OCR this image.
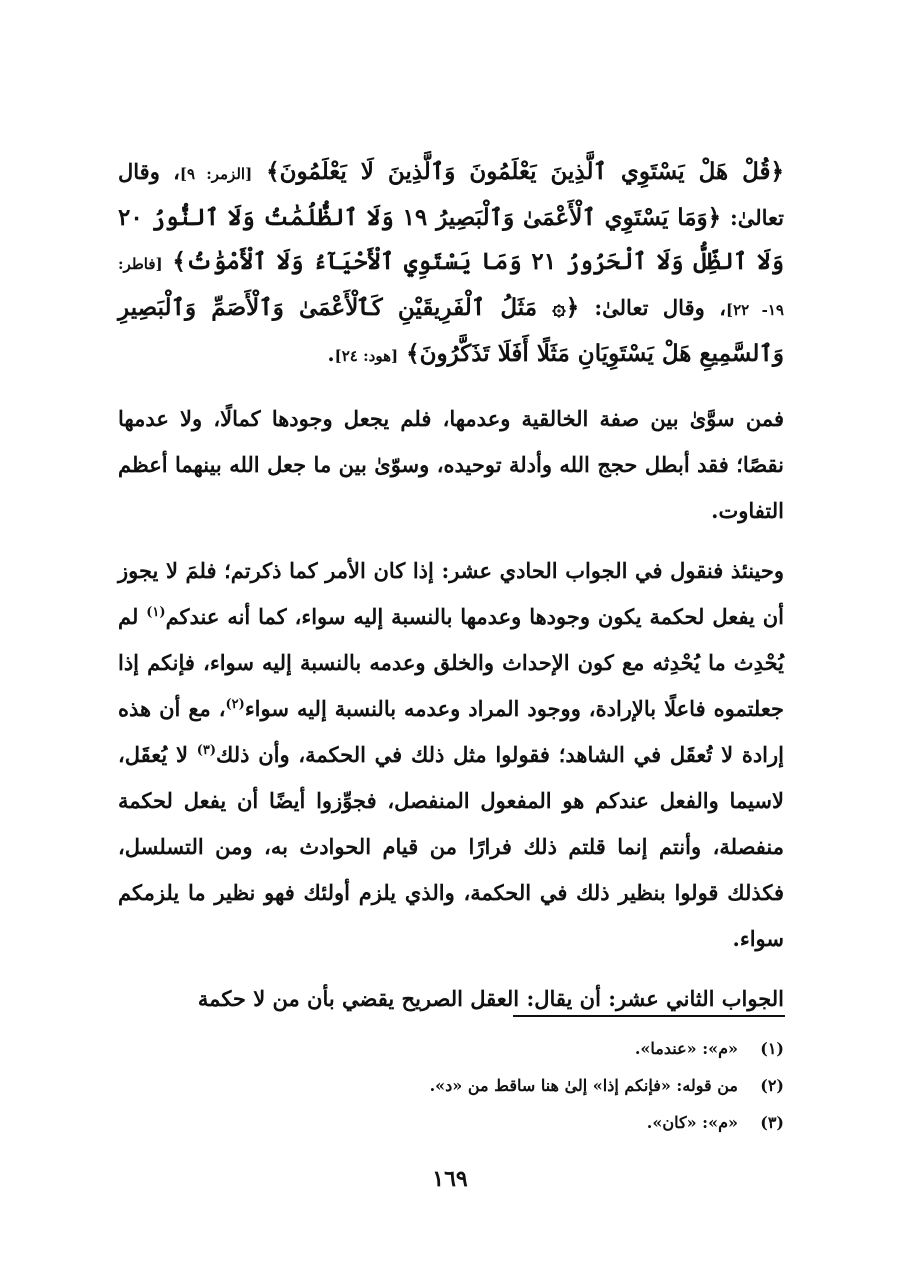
﴿قُلْ هَلْ يَسْتَوِي ٱلَّذِينَ يَعْلَمُونَ وَٱلَّذِينَ لَا يَعْلَمُونَ﴾ [الزمر: ٩]، وقال تعالىٰ: ﴿وَمَا يَسْتَوِي ٱلْأَعْمَىٰ وَٱلْبَصِيرُ ١٩ وَلَا ٱلظُّلُمَٰتُ وَلَا ٱلنُّورُ ٢٠ وَلَا ٱلظِّلُّ وَلَا ٱلْحَرُورُ ٢١ وَمَا يَسْتَوِي ٱلْأَحْيَآءُ وَلَا ٱلْأَمْوَٰتُ﴾ [فاطر: ١٩- ٢٢]، وقال تعالىٰ: ﴿۞ مَثَلُ ٱلْفَرِيقَيْنِ كَٱلْأَعْمَىٰ وَٱلْأَصَمِّ وَٱلْبَصِيرِ وَٱلسَّمِيعِ هَلْ يَسْتَوِيَانِ مَثَلًا أَفَلَا تَذَكَّرُونَ﴾ [هود: ٢٤].

فمن سوَّىٰ بين صفة الخالقية وعدمها، فلم يجعل وجودها كمالًا، ولا عدمها نقصًا؛ فقد أبطل حجج الله وأدلة توحيده، وسوّىٰ بين ما جعل الله بينهما أعظم التفاوت.

وحينئذ فنقول في الجواب الحادي عشر: إذا كان الأمر كما ذكرتم؛ فلمَ لا يجوز أن يفعل لحكمة يكون وجودها وعدمها بالنسبة إليه سواء، كما أنه عندكم$^{(١)}$ لم يُحْدِث ما يُحْدِثه مع كون الإحداث والخلق وعدمه بالنسبة إليه سواء، فإنكم إذا جعلتموه فاعلًا بالإرادة، ووجود المراد وعدمه بالنسبة إليه سواء$^{(٢)}$، مع أن هذه إرادة لا تُعقَل في الشاهد؛ فقولوا مثل ذلك في الحكمة، وأن ذلك$^{(٣)}$ لا يُعقَل، لاسيما والفعل عندكم هو المفعول المنفصل، فجوِّزوا أيضًا أن يفعل لحكمة منفصلة، وأنتم إنما قلتم ذلك فرارًا من قيام الحوادث به، ومن التسلسل، فكذلك قولوا بنظير ذلك في الحكمة، والذي يلزم أولئك فهو نظير ما يلزمكم سواء.

الجواب الثاني عشر: أن يقال: العقل الصريح يقضي بأن من لا حكمة

(١)
«م»: «عندما».
(٢)
من قوله: «فإنكم إذا» إلىٰ هنا ساقط من «د».
(٣)
«م»: «كان».
١٦٩
